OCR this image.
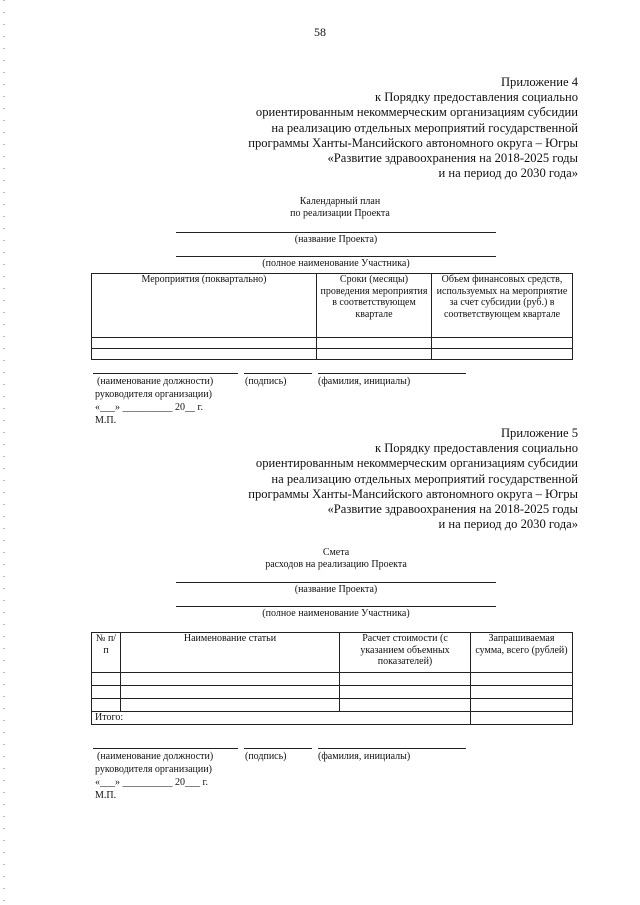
58
Приложение 4
к Порядку предоставления социально
ориентированным некоммерческим организациям субсидии
на реализацию отдельных мероприятий государственной
программы Ханты-Мансийского автономного округа – Югры
«Развитие здравоохранения на 2018-2025 годы
и на период до 2030 года»
Календарный план
по реализации Проекта
(название Проекта)
(полное наименование Участника)
Мероприятия (поквартально)	Сроки (месяцы) проведения мероприятия в соответствующем квартале	Объем финансовых средств, используемых на мероприятие за счет субсидии (руб.) в соответствующем квартале

(наименование должности)	(подпись)	(фамилия, инициалы)
руководителя организации)
«___» __________ 20__ г.
М.П.
Приложение 5
к Порядку предоставления социально
ориентированным некоммерческим организациям субсидии
на реализацию отдельных мероприятий государственной
программы Ханты-Мансийского автономного округа – Югры
«Развитие здравоохранения на 2018-2025 годы
и на период до 2030 года»
Смета
расходов на реализацию Проекта
(название Проекта)
(полное наименование Участника)
№ п/п	Наименование статьи	Расчет стоимости (с указанием объемных показателей)	Запрашиваемая сумма, всего (рублей)

Итого:			
(наименование должности)	(подпись)	(фамилия, инициалы)
руководителя организации)
«___» __________ 20___ г.
М.П.
